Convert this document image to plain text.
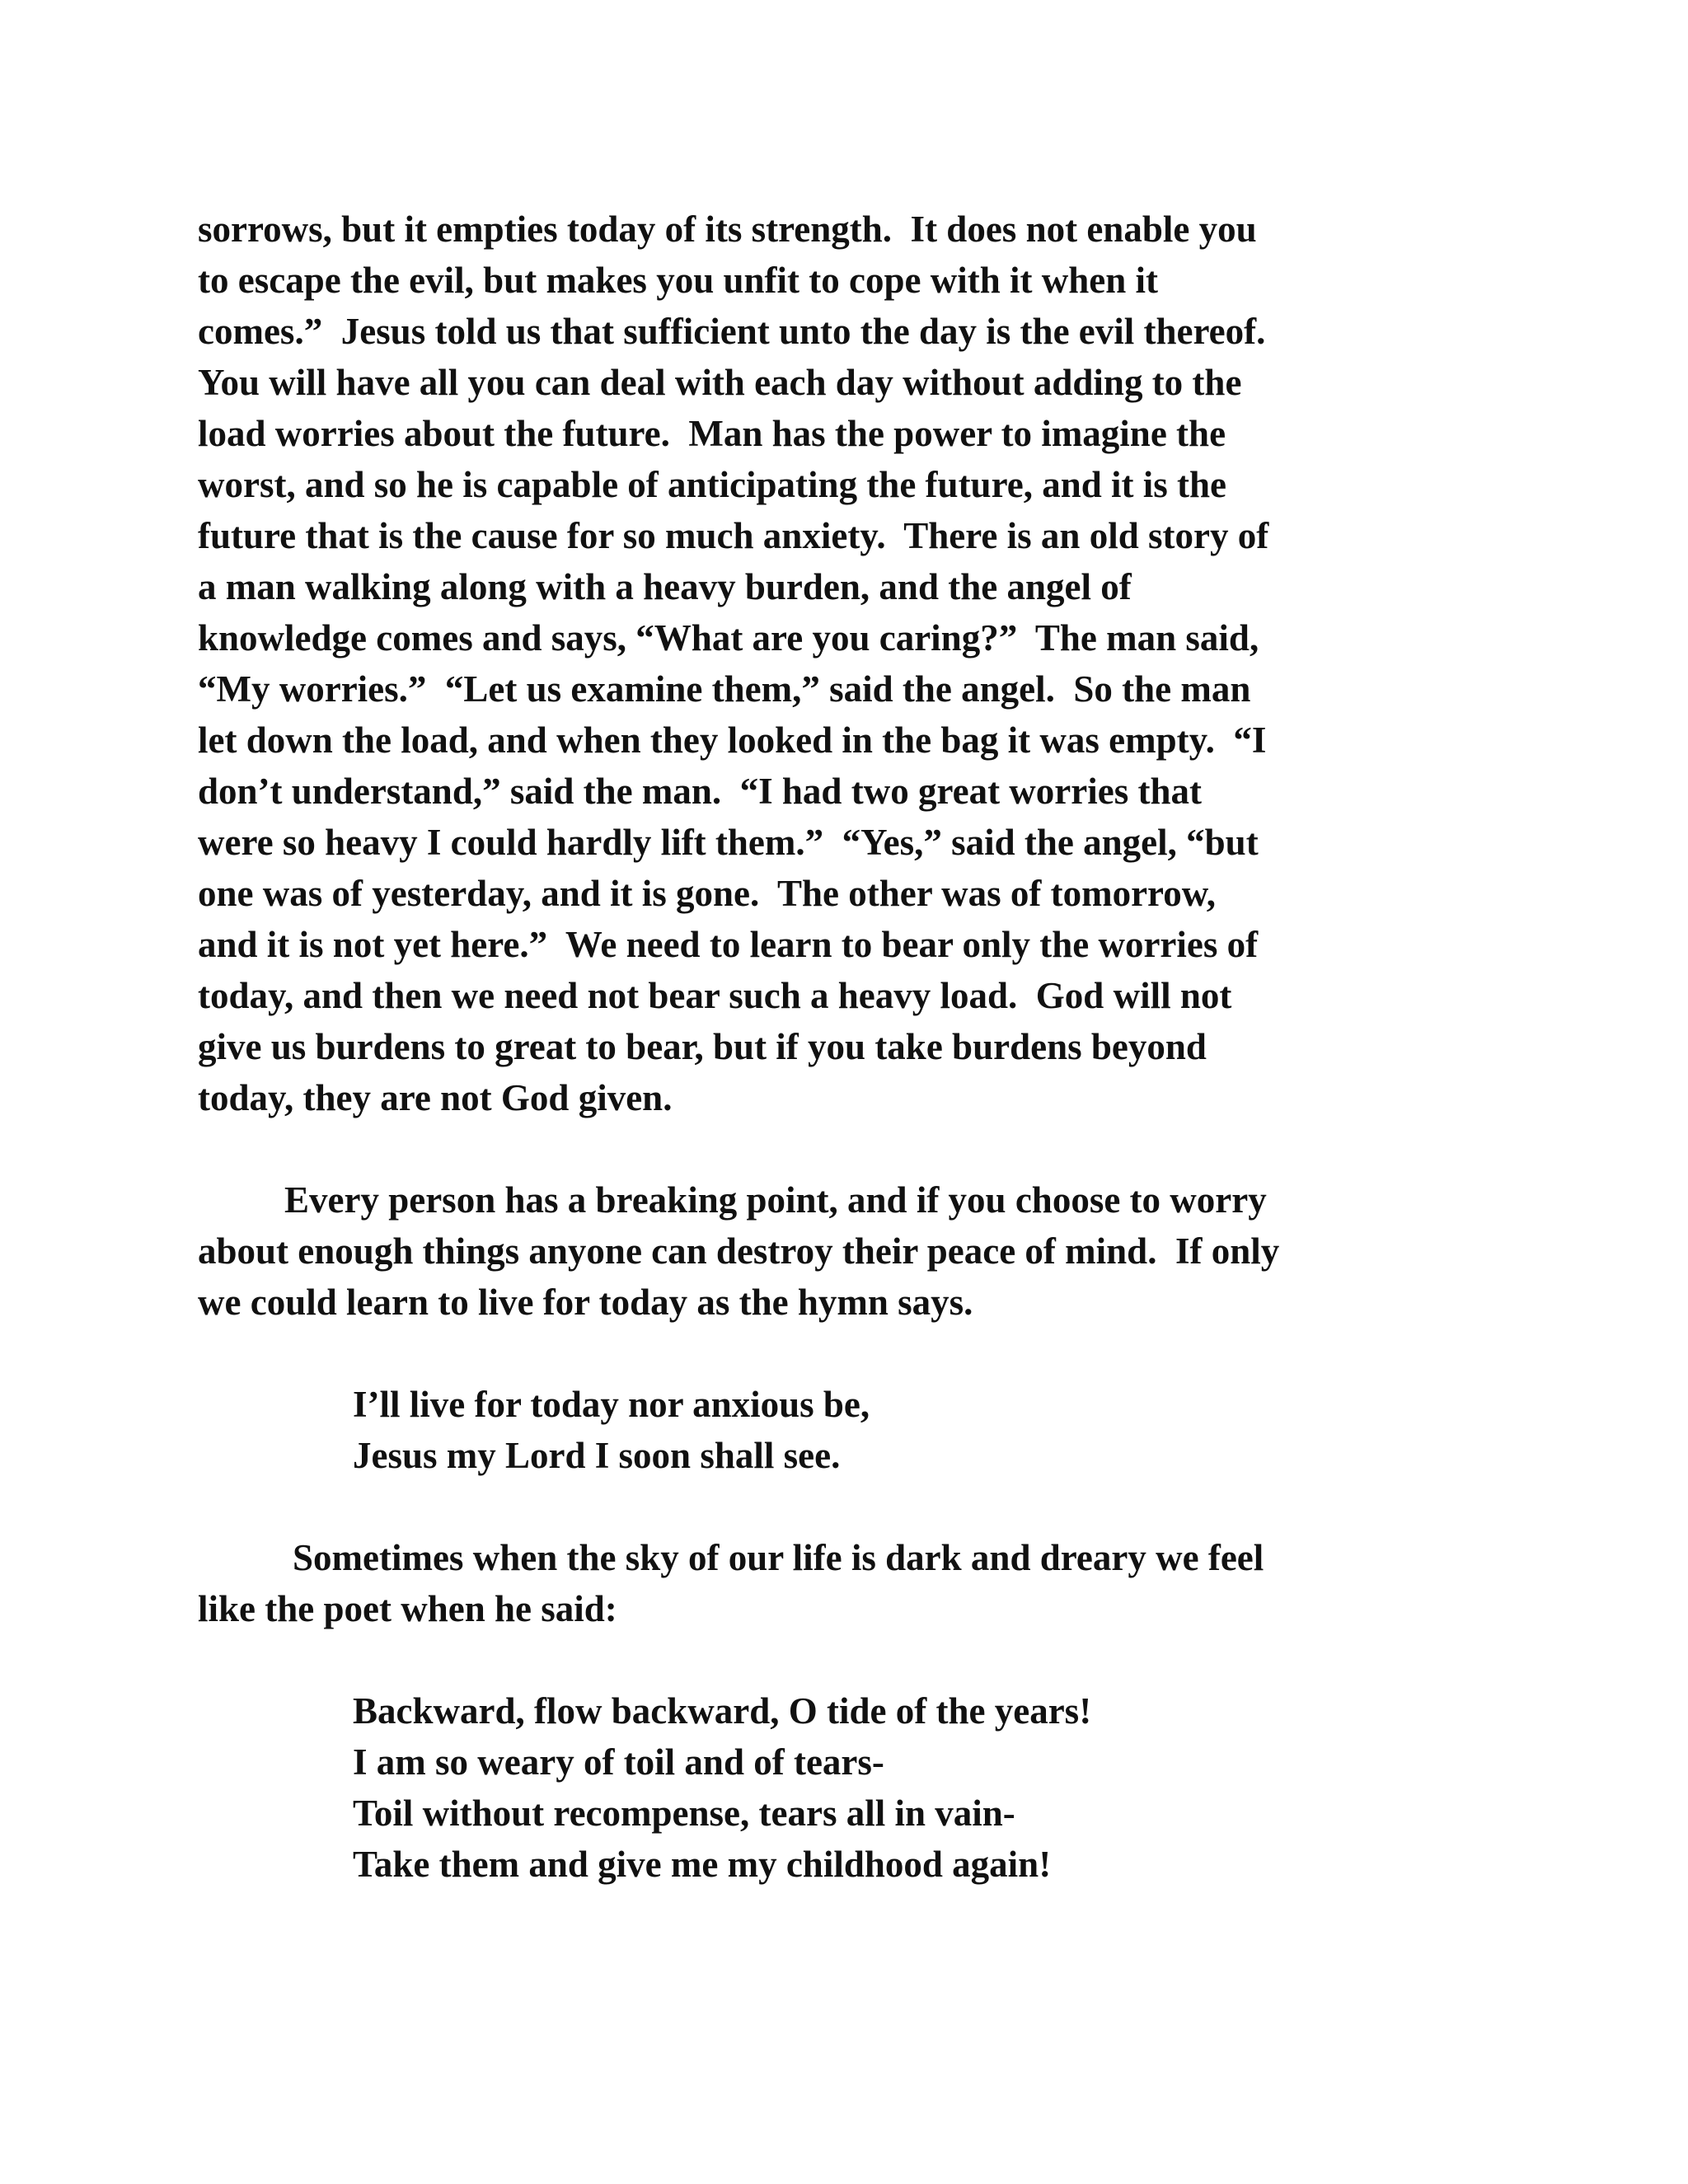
sorrows, but it empties today of its strength.  It does not enable you
to escape the evil, but makes you unfit to cope with it when it
comes.”  Jesus told us that sufficient unto the day is the evil thereof.
You will have all you can deal with each day without adding to the
load worries about the future.  Man has the power to imagine the
worst, and so he is capable of anticipating the future, and it is the
future that is the cause for so much anxiety.  There is an old story of
a man walking along with a heavy burden, and the angel of
knowledge comes and says, “What are you caring?”  The man said,
“My worries.”  “Let us examine them,” said the angel.  So the man
let down the load, and when they looked in the bag it was empty.  “I
don’t understand,” said the man.  “I had two great worries that
were so heavy I could hardly lift them.”  “Yes,” said the angel, “but
one was of yesterday, and it is gone.  The other was of tomorrow,
and it is not yet here.”  We need to learn to bear only the worries of
today, and then we need not bear such a heavy load.  God will not
give us burdens to great to bear, but if you take burdens beyond
today, they are not God given.
Every person has a breaking point, and if you choose to worry
about enough things anyone can destroy their peace of mind.  If only
we could learn to live for today as the hymn says.
I’ll live for today nor anxious be,
Jesus my Lord I soon shall see.
Sometimes when the sky of our life is dark and dreary we feel
like the poet when he said:
Backward, flow backward, O tide of the years!
I am so weary of toil and of tears-
Toil without recompense, tears all in vain-
Take them and give me my childhood again!
